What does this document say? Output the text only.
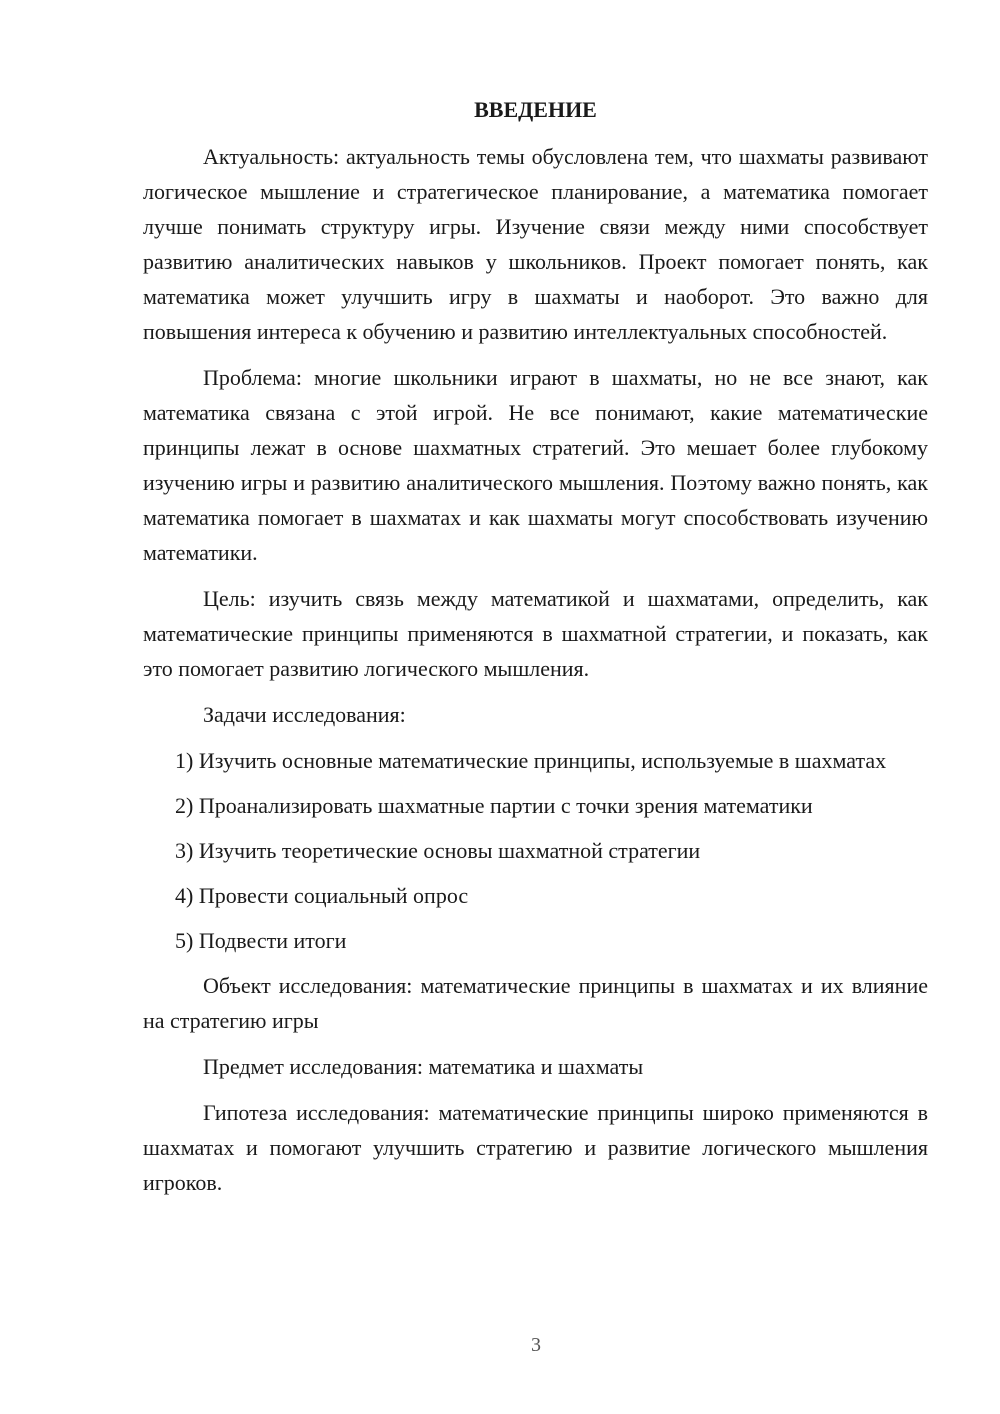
ВВЕДЕНИЕ

Актуальность: актуальность темы обусловлена тем, что шахматы развивают логическое мышление и стратегическое планирование, а математика помогает лучше понимать структуру игры. Изучение связи между ними способствует развитию аналитических навыков у школьников. Проект помогает понять, как математика может улучшить игру в шахматы и наоборот. Это важно для повышения интереса к обучению и развитию интеллектуальных способностей.

Проблема: многие школьники играют в шахматы, но не все знают, как математика связана с этой игрой. Не все понимают, какие математические принципы лежат в основе шахматных стратегий. Это мешает более глубокому изучению игры и развитию аналитического мышления. Поэтому важно понять, как математика помогает в шахматах и как шахматы могут способствовать изучению математики.

Цель: изучить связь между математикой и шахматами, определить, как математические принципы применяются в шахматной стратегии, и показать, как это помогает развитию логического мышления.

Задачи исследования:

1) Изучить основные математические принципы, используемые в шахматах

2) Проанализировать шахматные партии с точки зрения математики

3) Изучить теоретические основы шахматной стратегии

4) Провести социальный опрос

5) Подвести итоги

Объект исследования: математические принципы в шахматах и их влияние на стратегию игры

Предмет исследования: математика и шахматы

Гипотеза исследования: математические принципы широко применяются в шахматах и помогают улучшить стратегию и развитие логического мышления игроков.

3
